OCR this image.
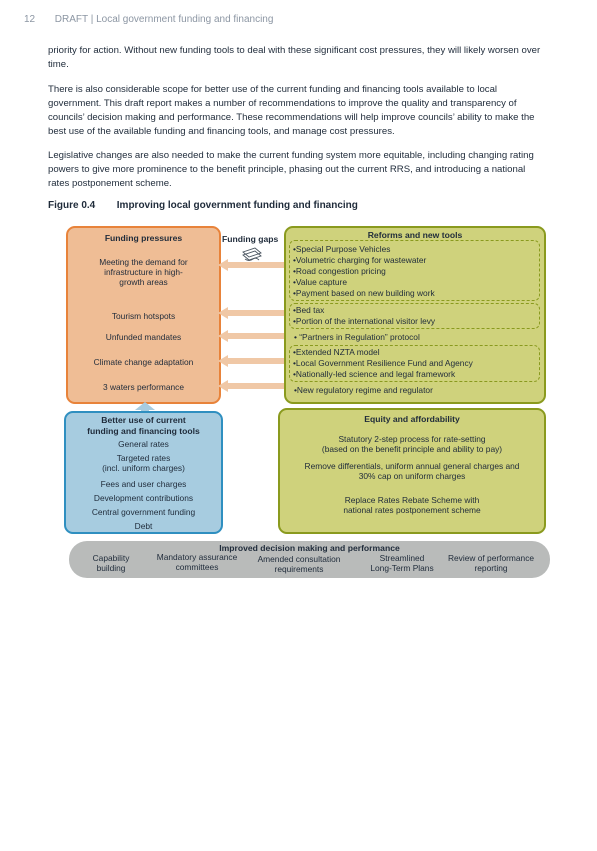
12 DRAFT | Local government funding and financing
priority for action. Without new funding tools to deal with these significant cost pressures, they will likely worsen over time.
There is also considerable scope for better use of the current funding and financing tools available to local government. This draft report makes a number of recommendations to improve the quality and transparency of councils’ decision making and performance. These recommendations will help improve councils’ ability to make the best use of the available funding and financing tools, and manage cost pressures.
Legislative changes are also needed to make the current funding system more equitable, including changing rating powers to give more prominence to the benefit principle, phasing out the current RRS, and introducing a national rates postponement scheme.
Figure 0.4 Improving local government funding and financing
Funding pressures
Meeting the demand for infrastructure in high-growth areas
Tourism hotspots
Unfunded mandates
Climate change adaptation
3 waters performance
Funding gaps	Reforms and new tools
•Special Purpose Vehicles
•Volumetric charging for wastewater
•Road congestion pricing
•Value capture
•Payment based on new building work
•Bed tax
•Portion of the international visitor levy
• “Partners in Regulation” protocol
•Extended NZTA model
•Local Government Resilience Fund and Agency
•Nationally-led science and legal framework
•New regulatory regime and regulator
Better use of current
funding and financing tools
General rates
Targeted rates
(incl. uniform charges)
Fees and user charges
Development contributions
Central government funding
Debt
Equity and affordability
Statutory 2-step process for rate-setting
(based on the benefit principle and ability to pay)
Remove differentials, uniform annual general charges and
30% cap on uniform charges
Replace Rates Rebate Scheme with
national rates postponement scheme
Improved decision making and performance
Capability
building
Mandatory assurance
committees
Amended consultation
requirements
Streamlined
Long-Term Plans
Review of performance
reporting
